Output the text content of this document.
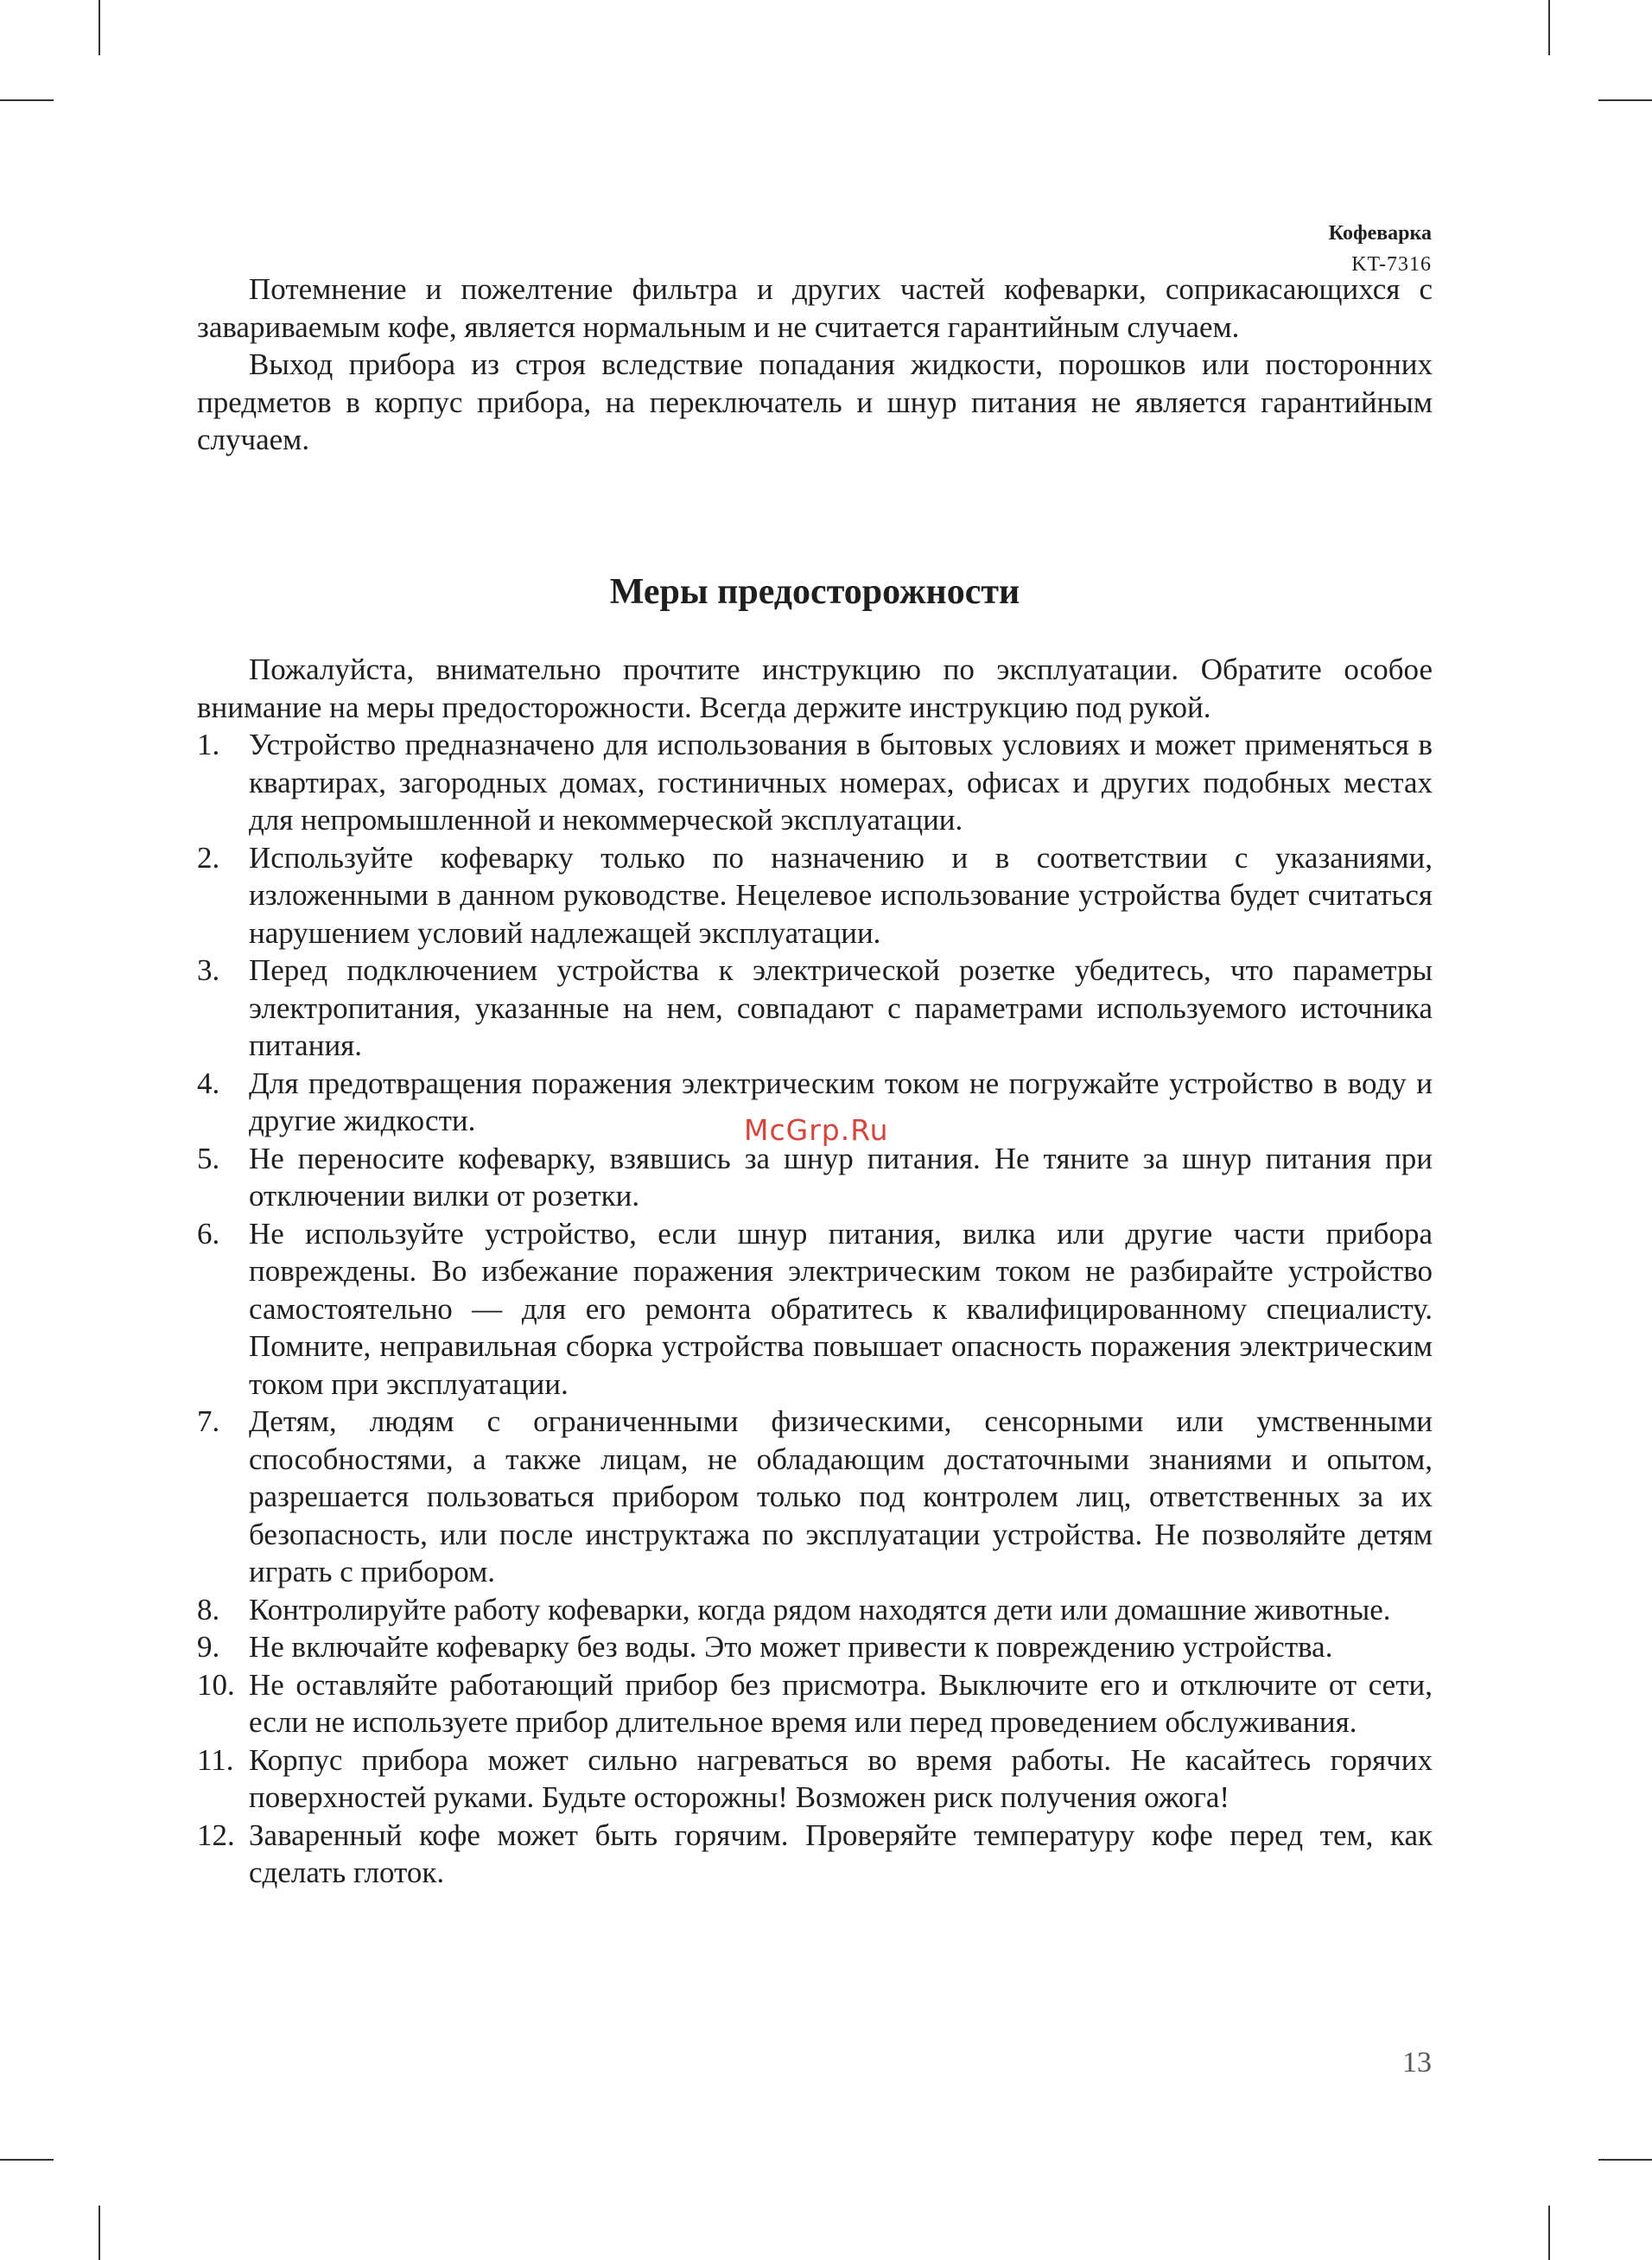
Кофеварка
KT-7316

Потемнение и пожелтение фильтра и других частей кофеварки, соприкасающихся с завариваемым кофе, является нормальным и не считается гарантийным случаем.

Выход прибора из строя вследствие попадания жидкости, порошков или посторонних предметов в корпус прибора, на переключатель и шнур питания не является гарантийным случаем.

Меры предосторожности

Пожалуйста, внимательно прочтите инструкцию по эксплуатации. Обратите особое внимание на меры предосторожности. Всегда держите инструкцию под рукой.

1. Устройство предназначено для использования в бытовых условиях и может применяться в квартирах, загородных домах, гостиничных номерах, офисах и других подобных местах для непромышленной и некоммерческой эксплуатации.
2. Используйте кофеварку только по назначению и в соответствии с указаниями, изложенными в данном руководстве. Нецелевое использование устройства будет считаться нарушением условий надлежащей эксплуатации.
3. Перед подключением устройства к электрической розетке убедитесь, что параметры электропитания, указанные на нем, совпадают с параметрами используемого источника питания.
4. Для предотвращения поражения электрическим током не погружайте устройство в воду и другие жидкости.
5. Не переносите кофеварку, взявшись за шнур питания. Не тяните за шнур питания при отключении вилки от розетки.
6. Не используйте устройство, если шнур питания, вилка или другие части прибора повреждены. Во избежание поражения электрическим током не разбирайте устройство самостоятельно — для его ремонта обратитесь к квалифицированному специалисту. Помните, неправильная сборка устройства повышает опасность поражения электрическим током при эксплуатации.
7. Детям, людям с ограниченными физическими, сенсорными или умственными способностями, а также лицам, не обладающим достаточными знаниями и опытом, разрешается пользоваться прибором только под контролем лиц, ответственных за их безопасность, или после инструктажа по эксплуатации устройства. Не позволяйте детям играть с прибором.
8. Контролируйте работу кофеварки, когда рядом находятся дети или домашние животные.
9. Не включайте кофеварку без воды. Это может привести к повреждению устройства.
10. Не оставляйте работающий прибор без присмотра. Выключите его и отключите от сети, если не используете прибор длительное время или перед проведением обслуживания.
11. Корпус прибора может сильно нагреваться во время работы. Не касайтесь горячих поверхностей руками. Будьте осторожны! Возможен риск получения ожога!
12. Заваренный кофе может быть горячим. Проверяйте температуру кофе перед тем, как сделать глоток.
McGrp.Ru
13
